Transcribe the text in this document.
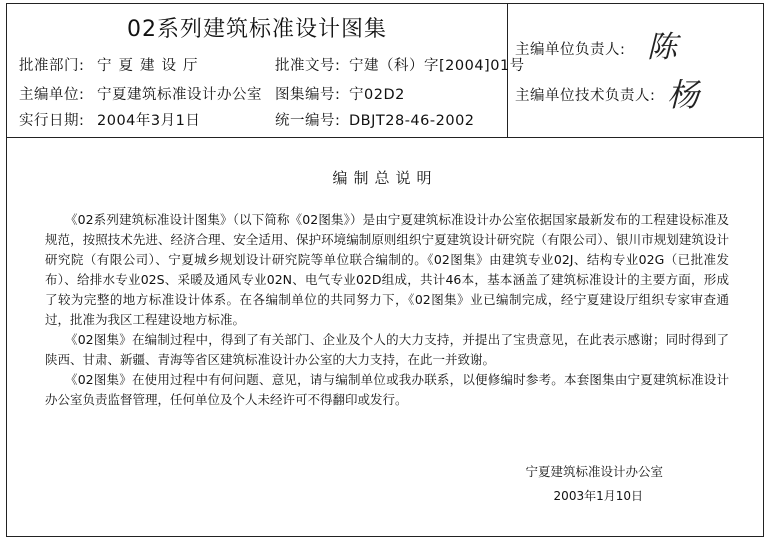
02系列建筑标准设计图集
批准部门: 宁夏建设厅	批准文号: 宁建（科）字[2004]01号
主编单位: 宁夏建筑标准设计办公室 图集编号: 宁02D2
实行日期: 2004年3月1日	统一编号: DBJT28-46-2002
主编单位负责人: 陈
主编单位技术负责人: 杨
编制总说明

《02系列建筑标准设计图集》（以下简称《02图集》）是由宁夏建筑标准设计办公室依据国家最新发布的工程建设标准及规范，按照技术先进、经济合理、安全适用、保护环境编制原则组织宁夏建筑设计研究院（有限公司）、银川市规划建筑设计研究院（有限公司）、宁夏城乡规划设计研究院等单位联合编制的。《02图集》由建筑专业02J、结构专业02G（已批准发布）、给排水专业02S、采暖及通风专业02N、电气专业02D组成，共计46本，基本涵盖了建筑标准设计的主要方面，形成了较为完整的地方标准设计体系。在各编制单位的共同努力下，《02图集》业已编制完成，经宁夏建设厅组织专家审查通过，批准为我区工程建设地方标准。

《02图集》在编制过程中，得到了有关部门、企业及个人的大力支持，并提出了宝贵意见，在此表示感谢；同时得到了陕西、甘肃、新疆、青海等省区建筑标准设计办公室的大力支持，在此一并致谢。

《02图集》在使用过程中有何问题、意见，请与编制单位或我办联系，以便修编时参考。本套图集由宁夏建筑标准设计办公室负责监督管理，任何单位及个人未经许可不得翻印或发行。

宁夏建筑标准设计办公室
2003年1月10日
